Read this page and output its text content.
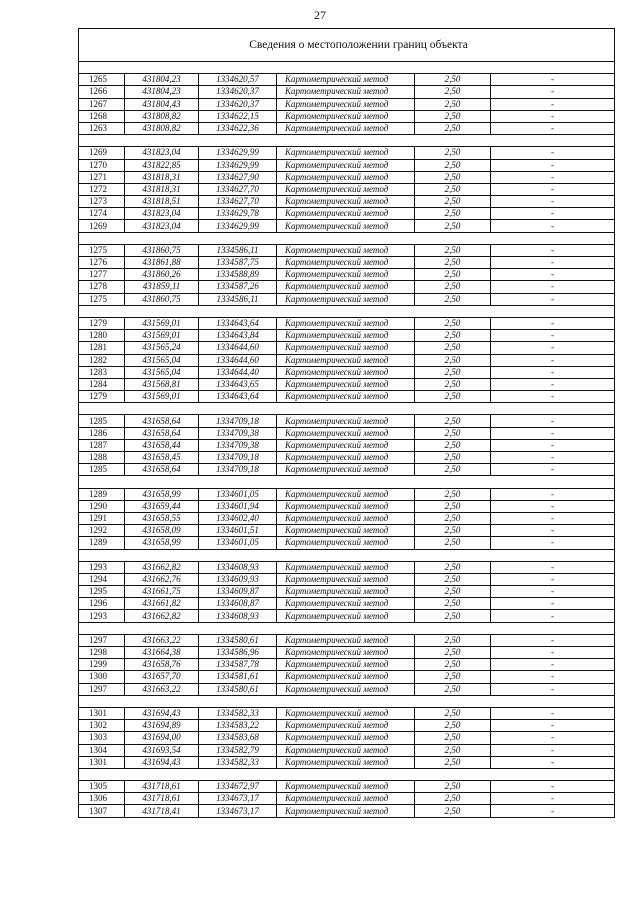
27
Сведения о местоположении границ объекта					

1265	431804,23	1334620,57	Картометрический метод	2,50	-
1266	431804,23	1334620,37	Картометрический метод	2,50	-
1267	431804,43	1334620,37	Картометрический метод	2,50	-
1268	431808,82	1334622,15	Картометрический метод	2,50	-
1263	431808,82	1334622,36	Картометрический метод	2,50	-

1269	431823,04	1334629,99	Картометрический метод	2,50	-
1270	431822,85	1334629,99	Картометрический метод	2,50	-
1271	431818,31	1334627,90	Картометрический метод	2,50	-
1272	431818,31	1334627,70	Картометрический метод	2,50	-
1273	431818,51	1334627,70	Картометрический метод	2,50	-
1274	431823,04	1334629,78	Картометрический метод	2,50	-
1269	431823,04	1334629,99	Картометрический метод	2,50	-

1275	431860,75	1334586,11	Картометрический метод	2,50	-
1276	431861,88	1334587,75	Картометрический метод	2,50	-
1277	431860,26	1334588,89	Картометрический метод	2,50	-
1278	431859,11	1334587,26	Картометрический метод	2,50	-
1275	431860,75	1334586,11	Картометрический метод	2,50	-

1279	431569,01	1334643,64	Картометрический метод	2,50	-
1280	431569,01	1334643,84	Картометрический метод	2,50	-
1281	431565,24	1334644,60	Картометрический метод	2,50	-
1282	431565,04	1334644,60	Картометрический метод	2,50	-
1283	431565,04	1334644,40	Картометрический метод	2,50	-
1284	431568,81	1334643,65	Картометрический метод	2,50	-
1279	431569,01	1334643,64	Картометрический метод	2,50	-

1285	431658,64	1334709,18	Картометрический метод	2,50	-
1286	431658,64	1334709,38	Картометрический метод	2,50	-
1287	431658,44	1334709,38	Картометрический метод	2,50	-
1288	431658,45	1334709,18	Картометрический метод	2,50	-
1285	431658,64	1334709,18	Картометрический метод	2,50	-

1289	431658,99	1334601,05	Картометрический метод	2,50	-
1290	431659,44	1334601,94	Картометрический метод	2,50	-
1291	431658,55	1334602,40	Картометрический метод	2,50	-
1292	431658,09	1334601,51	Картометрический метод	2,50	-
1289	431658,99	1334601,05	Картометрический метод	2,50	-

1293	431662,82	1334608,93	Картометрический метод	2,50	-
1294	431662,76	1334609,93	Картометрический метод	2,50	-
1295	431661,75	1334609,87	Картометрический метод	2,50	-
1296	431661,82	1334608,87	Картометрический метод	2,50	-
1293	431662,82	1334608,93	Картометрический метод	2,50	-

1297	431663,22	1334580,61	Картометрический метод	2,50	-
1298	431664,38	1334586,96	Картометрический метод	2,50	-
1299	431658,76	1334587,78	Картометрический метод	2,50	-
1300	431657,70	1334581,61	Картометрический метод	2,50	-
1297	431663,22	1334580,61	Картометрический метод	2,50	-

1301	431694,43	1334582,33	Картометрический метод	2,50	-
1302	431694,89	1334583,22	Картометрический метод	2,50	-
1303	431694,00	1334583,68	Картометрический метод	2,50	-
1304	431693,54	1334582,79	Картометрический метод	2,50	-
1301	431694,43	1334582,33	Картометрический метод	2,50	-

1305	431718,61	1334672,97	Картометрический метод	2,50	-
1306	431718,61	1334673,17	Картометрический метод	2,50	-
1307	431718,41	1334673,17	Картометрический метод	2,50	-
